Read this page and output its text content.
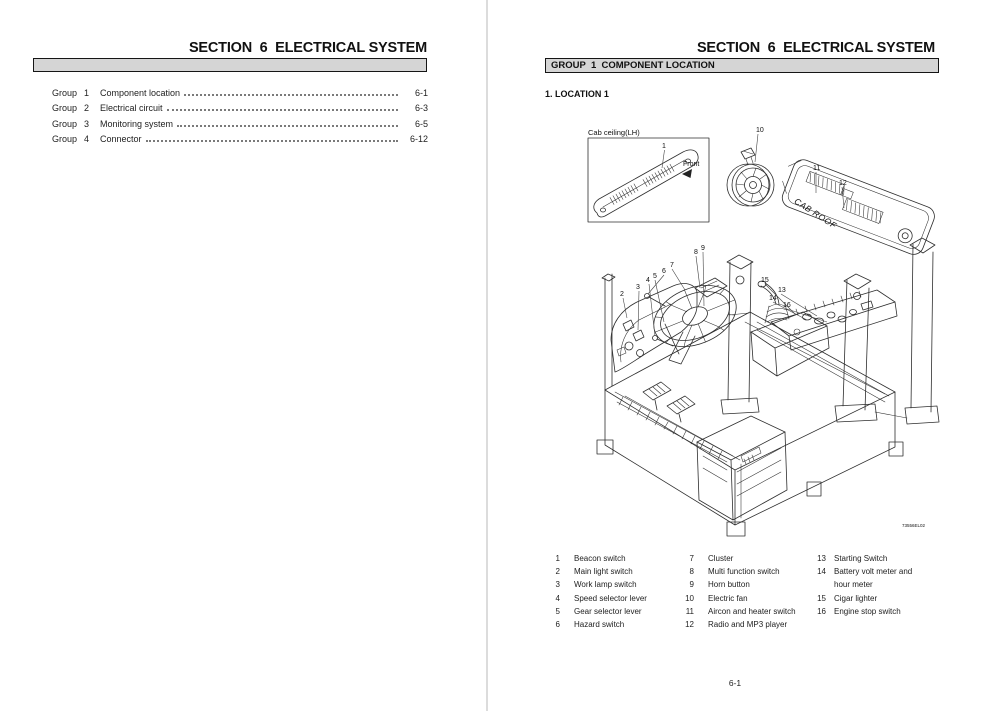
SECTION  6  ELECTRICAL SYSTEM
Group 1	Component location	6-1
Group 2	Electrical circuit	6-3
Group 3	Monitoring system	6-5
Group 4	Connector	6-12
SECTION  6  ELECTRICAL SYSTEM
GROUP  1  COMPONENT LOCATION
1. LOCATION 1
Cab ceiling(LH)
1
Front
10
CAB ROOF
11
12
2
3
4
5
6
7
8
9
13
14
15
16
73556EL02
1 Beacon switch
2 Main light switch
3 Work lamp switch
4 Speed selector lever
5 Gear selector lever
6 Hazard switch
7 Cluster
8 Multi function switch
9 Horn button
10 Electric fan
11 Aircon and heater switch
12 Radio and MP3 player
13 Starting Switch
14 Battery volt meter and hour meter
15 Cigar lighter
16 Engine stop switch
6-1
